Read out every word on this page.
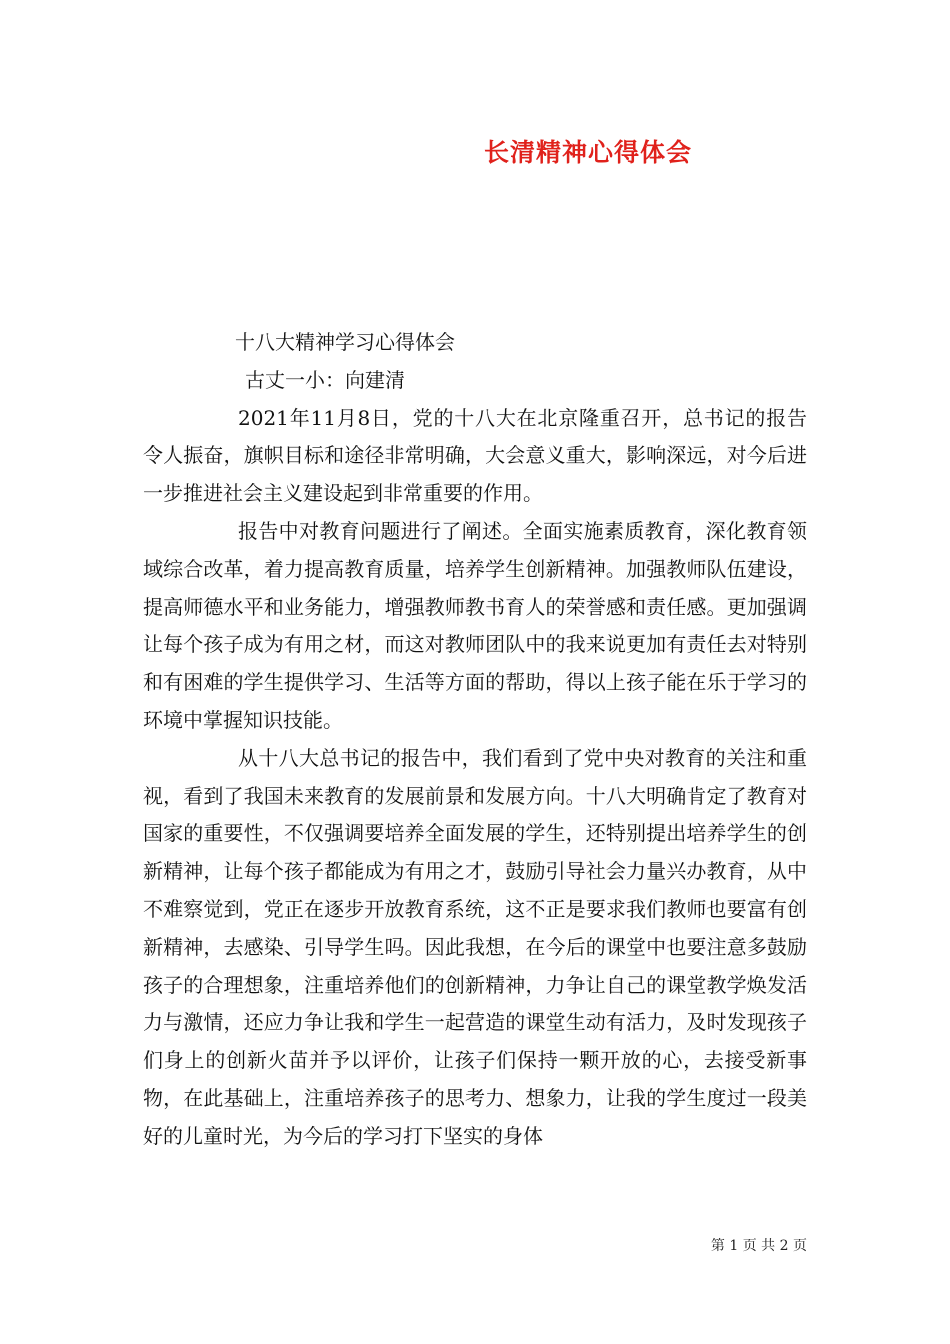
长清精神心得体会
十八大精神学习心得体会
古丈一小：向建清

2021年11月8日，党的十八大在北京隆重召开，总书记的报告令人振奋，旗帜目标和途径非常明确，大会意义重大，影响深远，对今后进一步推进社会主义建设起到非常重要的作用。

报告中对教育问题进行了阐述。全面实施素质教育，深化教育领域综合改革，着力提高教育质量，培养学生创新精神。加强教师队伍建设，提高师德水平和业务能力，增强教师教书育人的荣誉感和责任感。更加强调让每个孩子成为有用之材，而这对教师团队中的我来说更加有责任去对特别和有困难的学生提供学习、生活等方面的帮助，得以上孩子能在乐于学习的环境中掌握知识技能。

从十八大总书记的报告中，我们看到了党中央对教育的关注和重视，看到了我国未来教育的发展前景和发展方向。十八大明确肯定了教育对国家的重要性，不仅强调要培养全面发展的学生，还特别提出培养学生的创新精神，让每个孩子都能成为有用之才，鼓励引导社会力量兴办教育，从中不难察觉到，党正在逐步开放教育系统，这不正是要求我们教师也要富有创新精神，去感染、引导学生吗。因此我想，在今后的课堂中也要注意多鼓励孩子的合理想象，注重培养他们的创新精神，力争让自己的课堂教学焕发活力与激情，还应力争让我和学生一起营造的课堂生动有活力，及时发现孩子们身上的创新火苗并予以评价，让孩子们保持一颗开放的心，去接受新事物，在此基础上，注重培养孩子的思考力、想象力，让我的学生度过一段美好的儿童时光，为今后的学习打下坚实的身体

第 1 页 共 2 页
